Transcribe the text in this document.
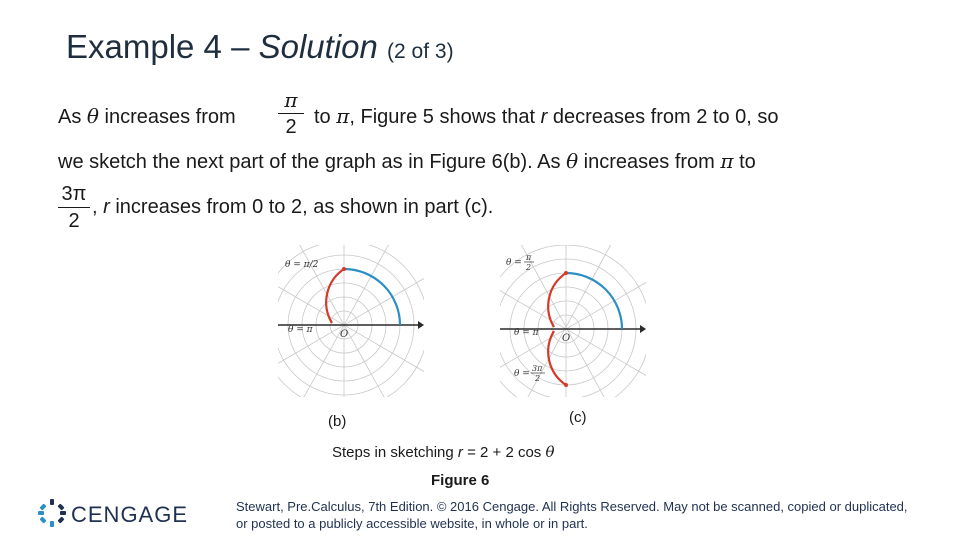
Example 4 – Solution (2 of 3)
As θ increases from
π
2 to π, Figure 5 shows that r decreases from 2 to 0, so
we sketch the next part of the graph as in Figure 6(b). As θ increases from π to
3π
2
, r increases from 0 to 2, as shown in part (c).
θ = π/2
θ = π	O
θ =
π
2
θ = π O
θ =
3π
2
(b)	(c)
Steps in sketching r = 2 + 2 cos θ
Figure 6
CENGAGE	Stewart, Pre.Calculus, 7th Edition. © 2016 Cengage. All Rights Reserved. May not be scanned, copied or duplicated, or posted to a publicly accessible website, in whole or in part.
